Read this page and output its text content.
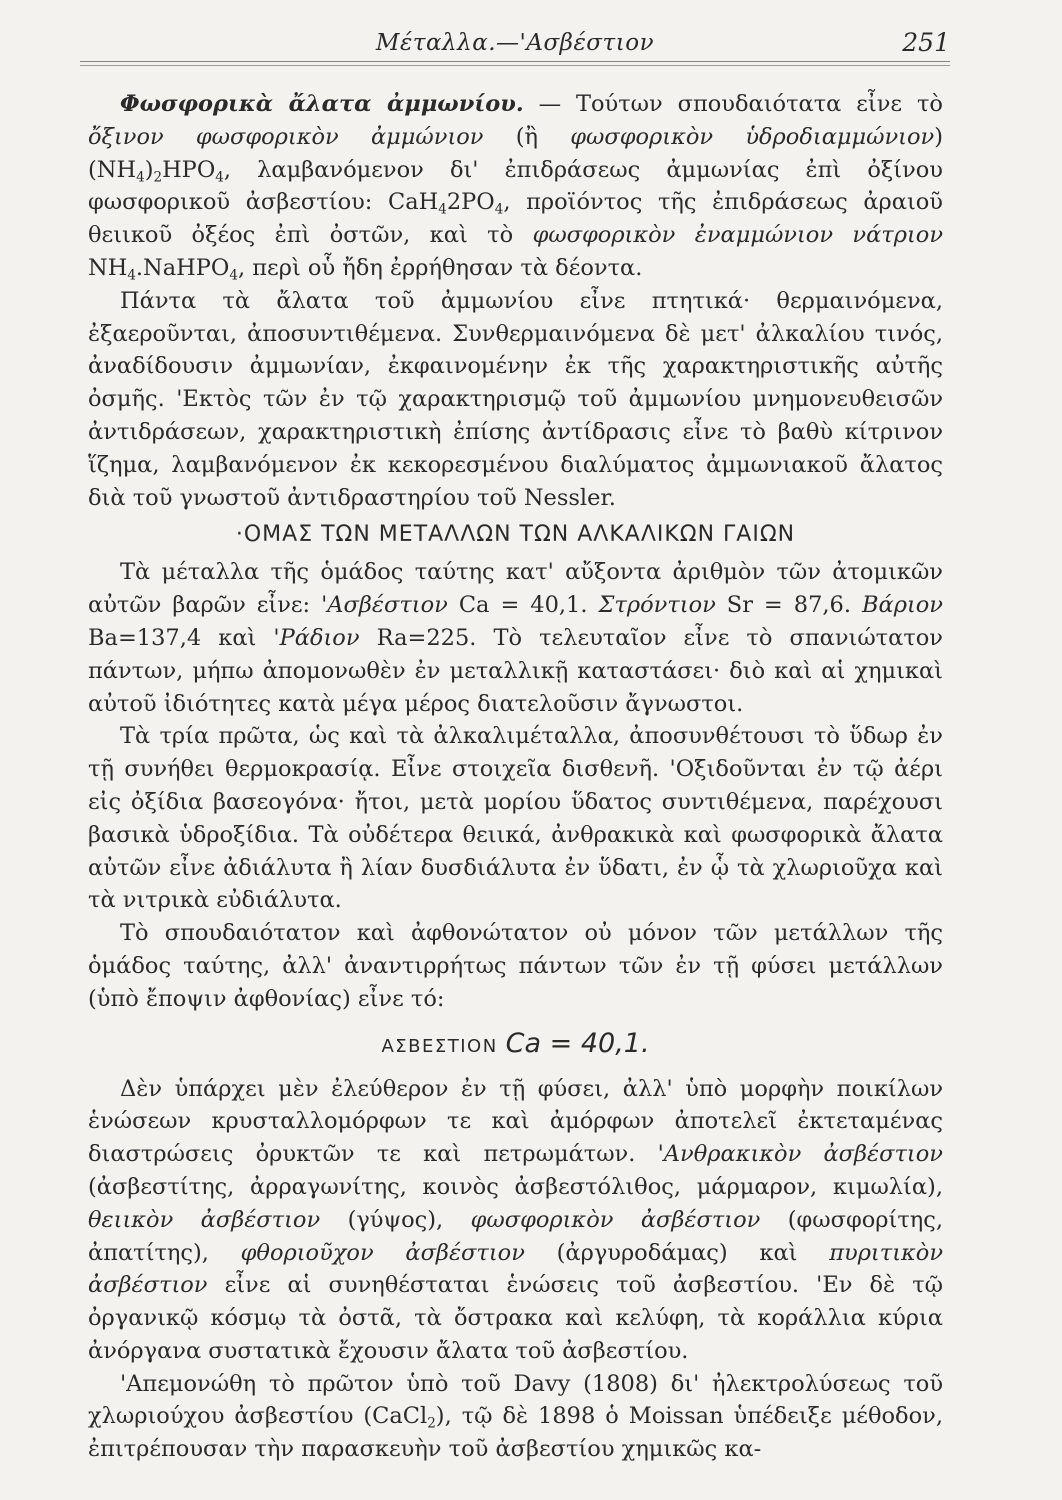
Μέταλλα.—'Ασβέστιον	251

Φωσφορικὰ ἄλατα ἀμμωνίου. — Τούτων σπουδαιότατα εἶνε τὸ ὄξινον φωσφορικὸν ἀμμώνιον (ἢ φωσφορικὸν ὑδροδιαμμώνιον) $(NH_4)_2HPO_4$, λαμβανόμενον δι' ἐπιδράσεως ἀμμωνίας ἐπὶ ὀξίνου φωσφορικοῦ ἀσβεστίου: $CaH_42PO_4$, προϊόντος τῆς ἐπιδράσεως ἀραιοῦ θειικοῦ ὀξέος ἐπὶ ὀστῶν, καὶ τὸ φωσφορικὸν ἐναμμώνιον νάτριον $NH_4.NaHPO_4$, περὶ οὗ ἤδη ἐρρήθησαν τὰ δέοντα.

Πάντα τὰ ἄλατα τοῦ ἀμμωνίου εἶνε πτητικά· θερμαινόμενα, ἐξαεροῦνται, ἀποσυντιθέμενα. Συνθερμαινόμενα δὲ μετ' ἀλκαλίου τινός, ἀναδίδουσιν ἀμμωνίαν, ἐκφαινομένην ἐκ τῆς χαρακτηριστικῆς αὐτῆς ὀσμῆς. 'Εκτὸς τῶν ἐν τῷ χαρακτηρισμῷ τοῦ ἀμμωνίου μνημονευθεισῶν ἀντιδράσεων, χαρακτηριστικὴ ἐπίσης ἀντίδρασις εἶνε τὸ βαθὺ κίτρινον ἵζημα, λαμβανόμενον ἐκ κεκορεσμένου διαλύματος ἀμμωνιακοῦ ἄλατος διὰ τοῦ γνωστοῦ ἀντιδραστηρίου τοῦ Nessler.

·ΟΜΑΣ ΤΩΝ ΜΕΤΑΛΛΩΝ ΤΩΝ ΑΛΚΑΛΙΚΩΝ ΓΑΙΩΝ

Τὰ μέταλλα τῆς ὁμάδος ταύτης κατ' αὔξοντα ἀριθμὸν τῶν ἀτομικῶν αὐτῶν βαρῶν εἶνε: 'Ασβέστιον Ca = 40,1. Στρόντιον Sr = 87,6. Βάριον Ba=137,4 καὶ 'Ράδιον Ra=225. Τὸ τελευταῖον εἶνε τὸ σπανιώτατον πάντων, μήπω ἀπομονωθὲν ἐν μεταλλικῇ καταστάσει· διὸ καὶ αἱ χημικαὶ αὐτοῦ ἰδιότητες κατὰ μέγα μέρος διατελοῦσιν ἄγνωστοι.

Τὰ τρία πρῶτα, ὡς καὶ τὰ ἀλκαλιμέταλλα, ἀποσυνθέτουσι τὸ ὕδωρ ἐν τῇ συνήθει θερμοκρασίᾳ. Εἶνε στοιχεῖα δισθενῆ. 'Οξιδοῦνται ἐν τῷ ἀέρι εἰς ὀξίδια βασεογόνα· ἤτοι, μετὰ μορίου ὕδατος συντιθέμενα, παρέχουσι βασικὰ ὑδροξίδια. Τὰ οὐδέτερα θειικά, ἀνθρακικὰ καὶ φωσφορικὰ ἄλατα αὐτῶν εἶνε ἀδιάλυτα ἢ λίαν δυσδιάλυτα ἐν ὕδατι, ἐν ᾧ τὰ χλωριοῦχα καὶ τὰ νιτρικὰ εὐδιάλυτα.

Τὸ σπουδαιότατον καὶ ἀφθονώτατον οὐ μόνον τῶν μετάλλων τῆς ὁμάδος ταύτης, ἀλλ' ἀναντιρρήτως πάντων τῶν ἐν τῇ φύσει μετάλλων (ὑπὸ ἔποψιν ἀφθονίας) εἶνε τό:

ΑΣΒΕΣΤΙΟΝ Ca = 40,1.

Δὲν ὑπάρχει μὲν ἐλεύθερον ἐν τῇ φύσει, ἀλλ' ὑπὸ μορφὴν ποικίλων ἑνώσεων κρυσταλλομόρφων τε καὶ ἀμόρφων ἀποτελεῖ ἐκτεταμένας διαστρώσεις ὀρυκτῶν τε καὶ πετρωμάτων. 'Ανθρακικὸν ἀσβέστιον (ἀσβεστίτης, ἀρραγωνίτης, κοινὸς ἀσβεστόλιθος, μάρμαρον, κιμωλία), θειικὸν ἀσβέστιον (γύψος), φωσφορικὸν ἀσβέστιον (φωσφορίτης, ἀπατίτης), φθοριοῦχον ἀσβέστιον (ἀργυροδάμας) καὶ πυριτικὸν ἀσβέστιον εἶνε αἱ συνηθέσταται ἑνώσεις τοῦ ἀσβεστίου. 'Εν δὲ τῷ ὀργανικῷ κόσμῳ τὰ ὀστᾶ, τὰ ὄστρακα καὶ κελύφη, τὰ κοράλλια κύρια ἀνόργανα συστατικὰ ἔχουσιν ἄλατα τοῦ ἀσβεστίου.

'Απεμονώθη τὸ πρῶτον ὑπὸ τοῦ Davy (1808) δι' ἠλεκτρολύσεως τοῦ χλωριούχου ἀσβεστίου (CaCl$_2$), τῷ δὲ 1898 ὁ Moissan ὑπέδειξε μέθοδον, ἐπιτρέπουσαν τὴν παρασκευὴν τοῦ ἀσβεστίου χημικῶς κα-
